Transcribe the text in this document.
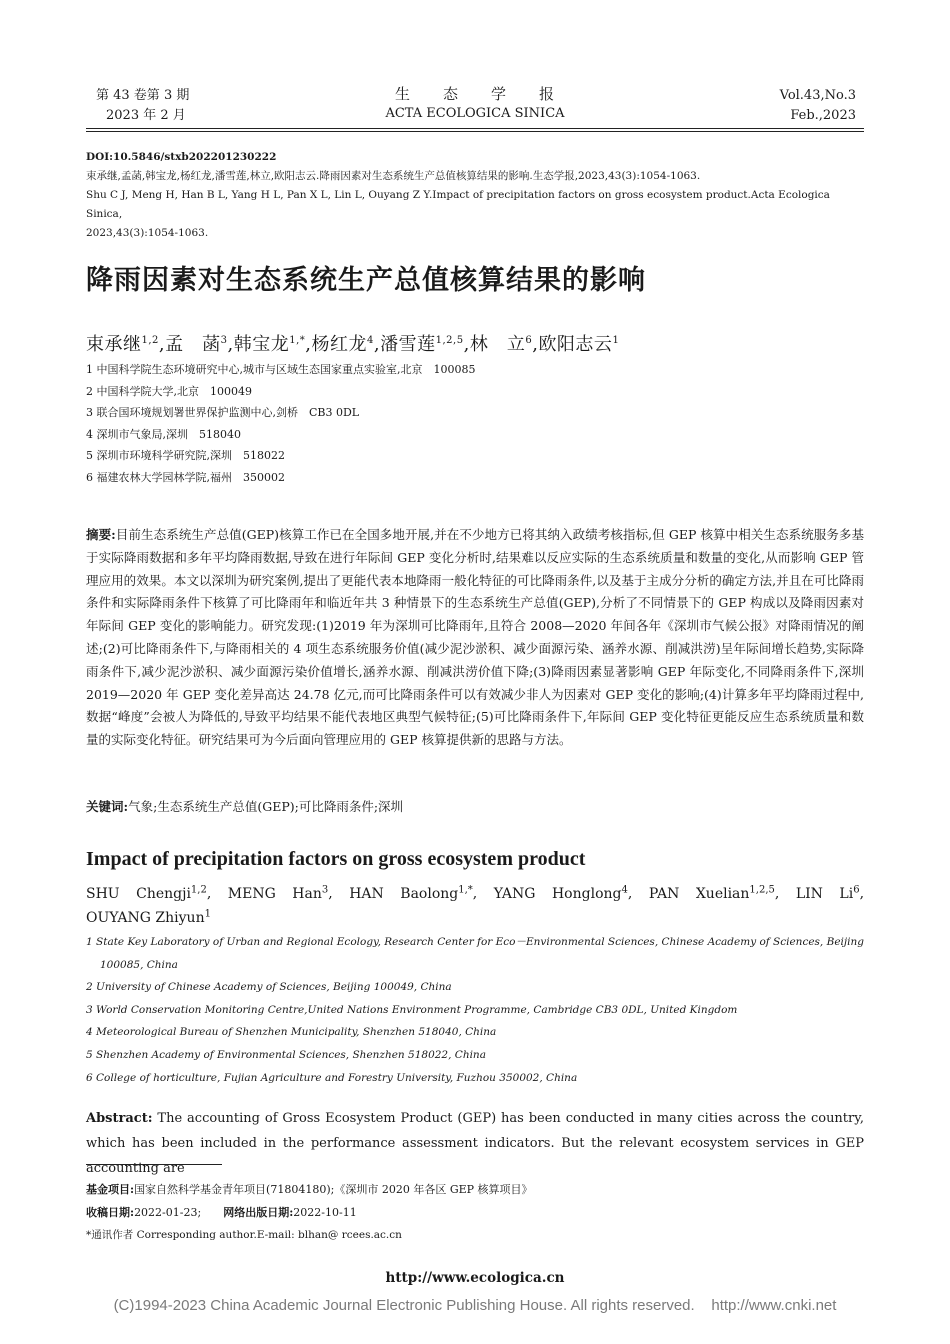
第 43 卷第 3 期
2023 年 2 月
生　　态　　学　　报
ACTA ECOLOGICA SINICA
Vol.43,No.3
Feb.,2023
DOI:10.5846/stxb202201230222
束承继,孟菡,韩宝龙,杨红龙,潘雪莲,林立,欧阳志云.降雨因素对生态系统生产总值核算结果的影响.生态学报,2023,43(3):1054-1063.
Shu C J, Meng H, Han B L, Yang H L, Pan X L, Lin L, Ouyang Z Y.Impact of precipitation factors on gross ecosystem product.Acta Ecologica Sinica,
2023,43(3):1054-1063.
降雨因素对生态系统生产总值核算结果的影响
束承继$^{1,2}$,孟　菡$^3$,韩宝龙$^{1,*}$,杨红龙$^4$,潘雪莲$^{1,2,5}$,林　立$^6$,欧阳志云$^1$
1 中国科学院生态环境研究中心,城市与区域生态国家重点实验室,北京　100085
2 中国科学院大学,北京　100049
3 联合国环境规划署世界保护监测中心,剑桥　CB3 0DL
4 深圳市气象局,深圳　518040
5 深圳市环境科学研究院,深圳　518022
6 福建农林大学园林学院,福州　350002
摘要:目前生态系统生产总值(GEP)核算工作已在全国多地开展,并在不少地方已将其纳入政绩考核指标,但 GEP 核算中相关生态系统服务多基于实际降雨数据和多年平均降雨数据,导致在进行年际间 GEP 变化分析时,结果难以反应实际的生态系统质量和数量的变化,从而影响 GEP 管理应用的效果。本文以深圳为研究案例,提出了更能代表本地降雨一般化特征的可比降雨条件,以及基于主成分分析的确定方法,并且在可比降雨条件和实际降雨条件下核算了可比降雨年和临近年共 3 种情景下的生态系统生产总值(GEP),分析了不同情景下的 GEP 构成以及降雨因素对年际间 GEP 变化的影响能力。研究发现:(1)2019 年为深圳可比降雨年,且符合 2008—2020 年间各年《深圳市气候公报》对降雨情况的阐述;(2)可比降雨条件下,与降雨相关的 4 项生态系统服务价值(减少泥沙淤积、减少面源污染、涵养水源、削减洪涝)呈年际间增长趋势,实际降雨条件下,减少泥沙淤积、减少面源污染价值增长,涵养水源、削减洪涝价值下降;(3)降雨因素显著影响 GEP 年际变化,不同降雨条件下,深圳 2019—2020 年 GEP 变化差异高达 24.78 亿元,而可比降雨条件可以有效减少非人为因素对 GEP 变化的影响;(4)计算多年平均降雨过程中,数据“峰度”会被人为降低的,导致平均结果不能代表地区典型气候特征;(5)可比降雨条件下,年际间 GEP 变化特征更能反应生态系统质量和数量的实际变化特征。研究结果可为今后面向管理应用的 GEP 核算提供新的思路与方法。
关键词:气象;生态系统生产总值(GEP);可比降雨条件;深圳
Impact of precipitation factors on gross ecosystem product
SHU Chengji$^{1,2}$, MENG Han$^3$, HAN Baolong$^{1,*}$, YANG Honglong$^4$, PAN Xuelian$^{1,2,5}$, LIN Li$^6$,
OUYANG Zhiyun$^1$
1 State Key Laboratory of Urban and Regional Ecology, Research Center for Eco－Environmental Sciences, Chinese Academy of Sciences, Beijing 100085, China
2 University of Chinese Academy of Sciences, Beijing 100049, China
3 World Conservation Monitoring Centre,United Nations Environment Programme, Cambridge CB3 0DL, United Kingdom
4 Meteorological Bureau of Shenzhen Municipality, Shenzhen 518040, China
5 Shenzhen Academy of Environmental Sciences, Shenzhen 518022, China
6 College of horticulture, Fujian Agriculture and Forestry University, Fuzhou 350002, China
Abstract: The accounting of Gross Ecosystem Product (GEP) has been conducted in many cities across the country, which has been included in the performance assessment indicators. But the relevant ecosystem services in GEP accounting are
基金项目:国家自然科学基金青年项目(71804180);《深圳市 2020 年各区 GEP 核算项目》
收稿日期:2022-01-23; 网络出版日期:2022-10-11
*通讯作者 Corresponding author.E-mail: blhan@ rcees.ac.cn
http://www.ecologica.cn
(C)1994-2023 China Academic Journal Electronic Publishing House. All rights reserved.    http://www.cnki.net
